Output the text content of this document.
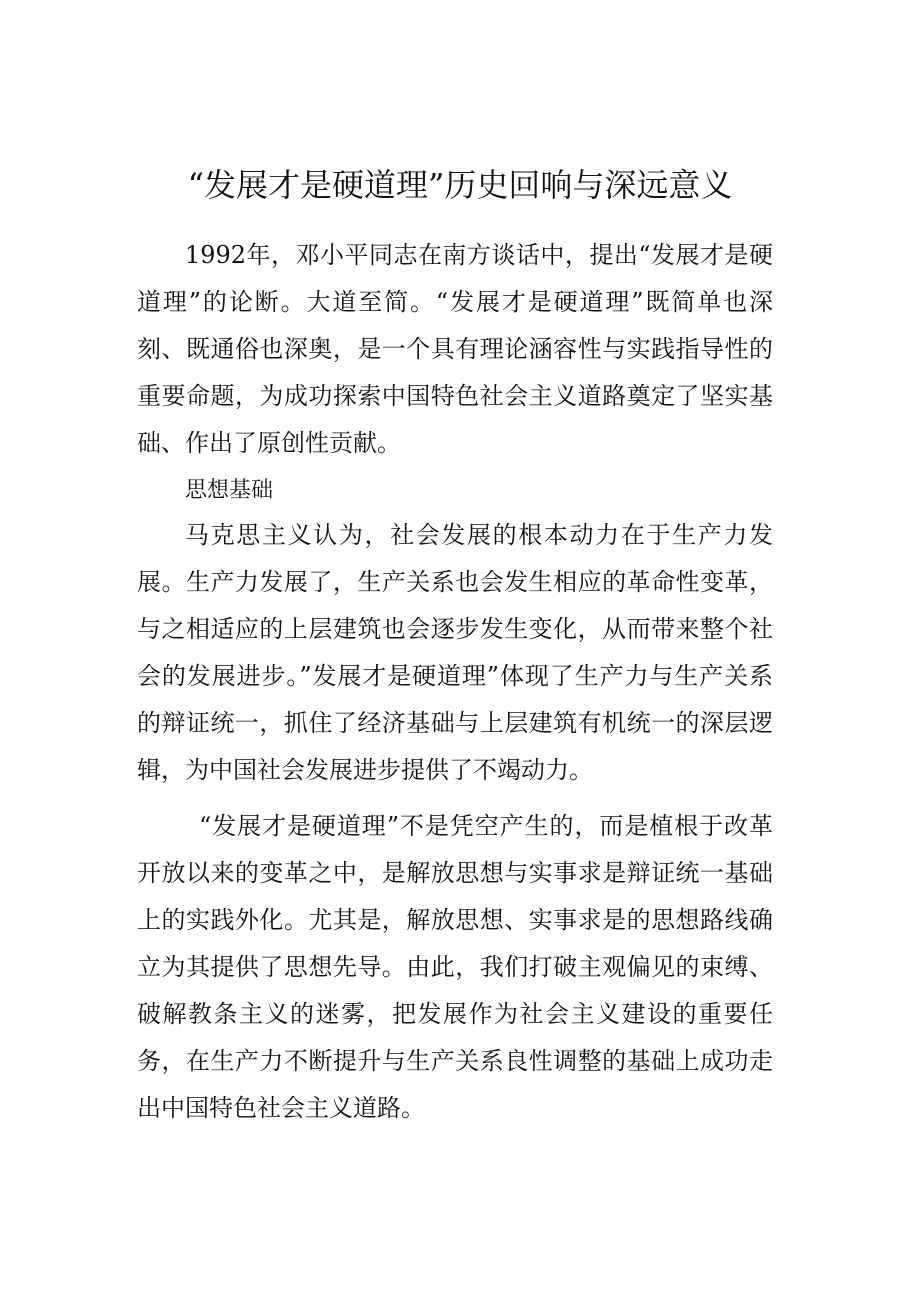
“发展才是硬道理”历史回响与深远意义

1992年，邓小平同志在南方谈话中，提出“发展才是硬道理”的论断。大道至简。“发展才是硬道理”既简单也深刻、既通俗也深奥，是一个具有理论涵容性与实践指导性的重要命题，为成功探索中国特色社会主义道路奠定了坚实基础、作出了原创性贡献。

思想基础

马克思主义认为，社会发展的根本动力在于生产力发展。生产力发展了，生产关系也会发生相应的革命性变革，与之相适应的上层建筑也会逐步发生变化，从而带来整个社会的发展进步。”发展才是硬道理”体现了生产力与生产关系的辩证统一，抓住了经济基础与上层建筑有机统一的深层逻辑，为中国社会发展进步提供了不竭动力。

“发展才是硬道理”不是凭空产生的，而是植根于改革开放以来的变革之中，是解放思想与实事求是辩证统一基础上的实践外化。尤其是，解放思想、实事求是的思想路线确立为其提供了思想先导。由此，我们打破主观偏见的束缚、破解教条主义的迷雾，把发展作为社会主义建设的重要任务，在生产力不断提升与生产关系良性调整的基础上成功走出中国特色社会主义道路。
